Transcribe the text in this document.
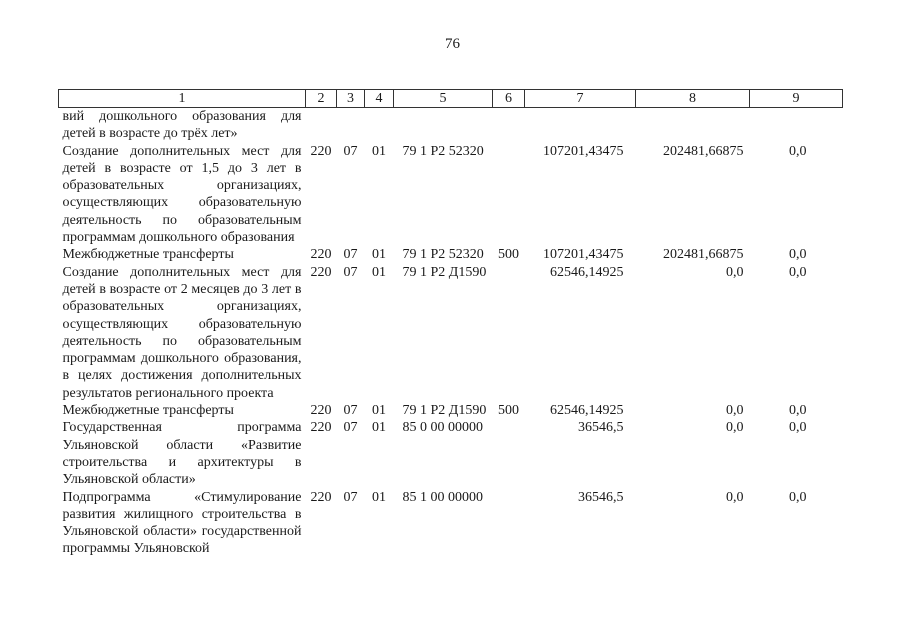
76
1	2	3	4	5	6	7	8	9
вий дошкольного образования для детей в возрасте до трёх лет»								
Создание дополнительных мест для детей в возрасте от 1,5 до 3 лет в образовательных организациях, осуществляющих образовательную деятельность по образовательным программам дошкольного образования	220	07	01	79 1 P2 52320		107201,43475	202481,66875	0,0
Межбюджетные трансферты	220	07	01	79 1 P2 52320	500	107201,43475	202481,66875	0,0
Создание дополнительных мест для детей в возрасте от 2 месяцев до 3 лет в образовательных организациях, осуществляющих образовательную деятельность по образовательным программам дошкольного образования, в целях достижения дополнительных результатов регионального проекта	220	07	01	79 1 P2 Д1590		62546,14925	0,0	0,0
Межбюджетные трансферты	220	07	01	79 1 P2 Д1590	500	62546,14925	0,0	0,0
Государственная программа Ульяновской области «Развитие строительства и архитектуры в Ульяновской области»	220	07	01	85 0 00 00000		36546,5	0,0	0,0
Подпрограмма «Стимулирование развития жилищного строительства в Ульяновской области» государственной программы Ульяновской	220	07	01	85 1 00 00000		36546,5	0,0	0,0
